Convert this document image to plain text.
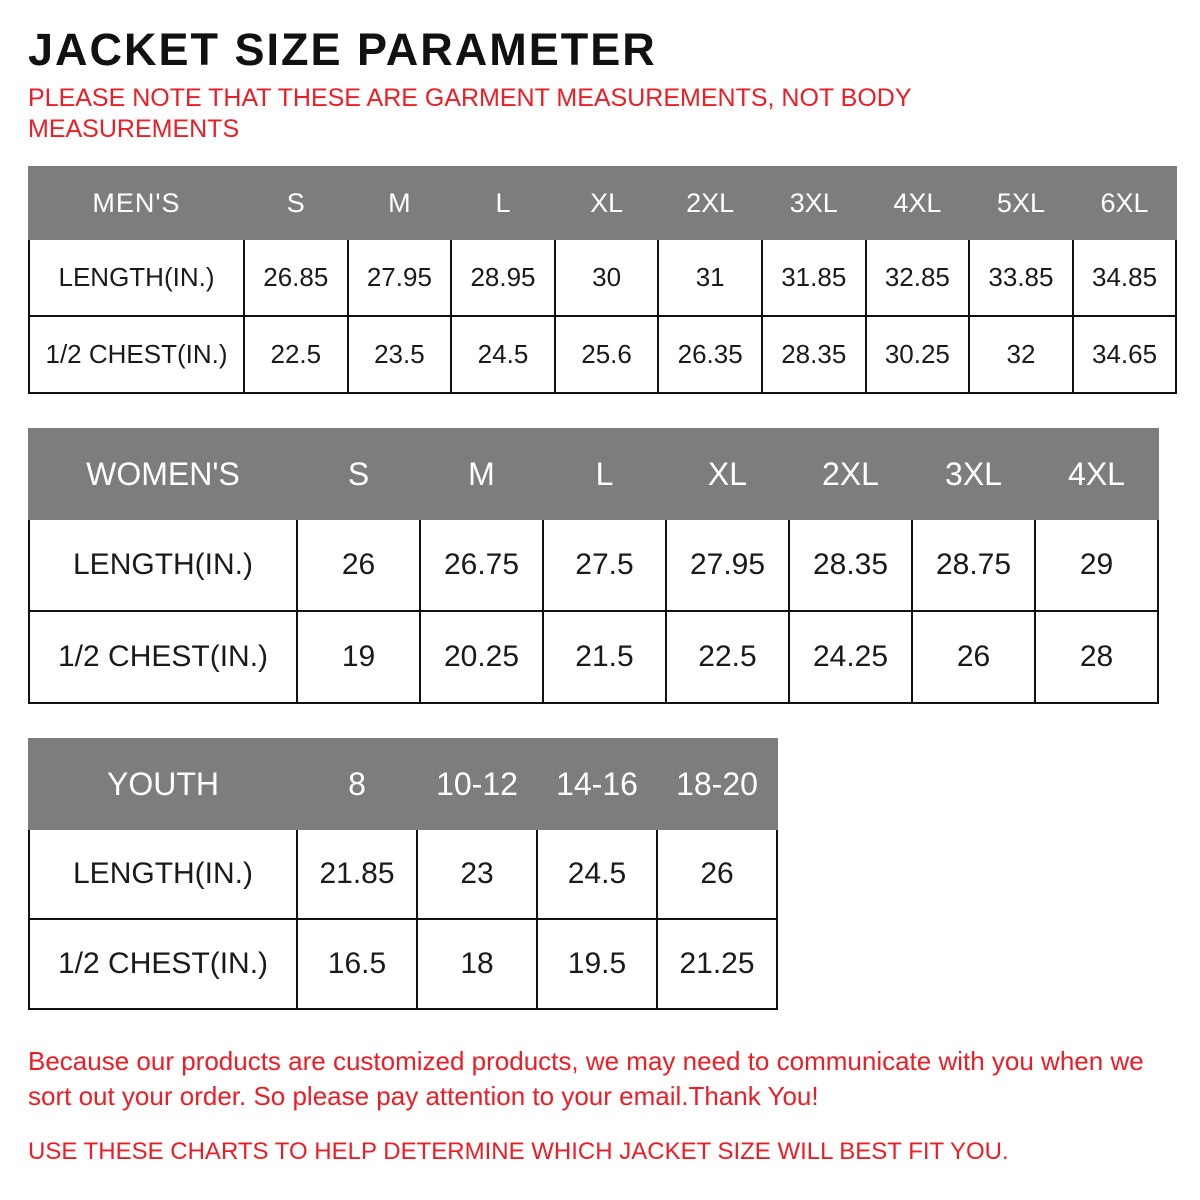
JACKET SIZE PARAMETER

PLEASE NOTE THAT THESE ARE GARMENT MEASUREMENTS, NOT BODY MEASUREMENTS

MEN'S	S	M	L	XL	2XL	3XL	4XL	5XL	6XL
LENGTH(IN.)	26.85	27.95	28.95	30	31	31.85	32.85	33.85	34.85
1/2 CHEST(IN.)	22.5	23.5	24.5	25.6	26.35	28.35	30.25	32	34.65
WOMEN'S	S	M	L	XL	2XL	3XL	4XL
LENGTH(IN.)	26	26.75	27.5	27.95	28.35	28.75	29
1/2 CHEST(IN.)	19	20.25	21.5	22.5	24.25	26	28
YOUTH	8	10-12	14-16	18-20
LENGTH(IN.)	21.85	23	24.5	26
1/2 CHEST(IN.)	16.5	18	19.5	21.25

Because our products are customized products, we may need to communicate with you when we sort out your order. So please pay attention to your email.Thank You!

USE THESE CHARTS TO HELP DETERMINE WHICH JACKET SIZE WILL BEST FIT YOU.
